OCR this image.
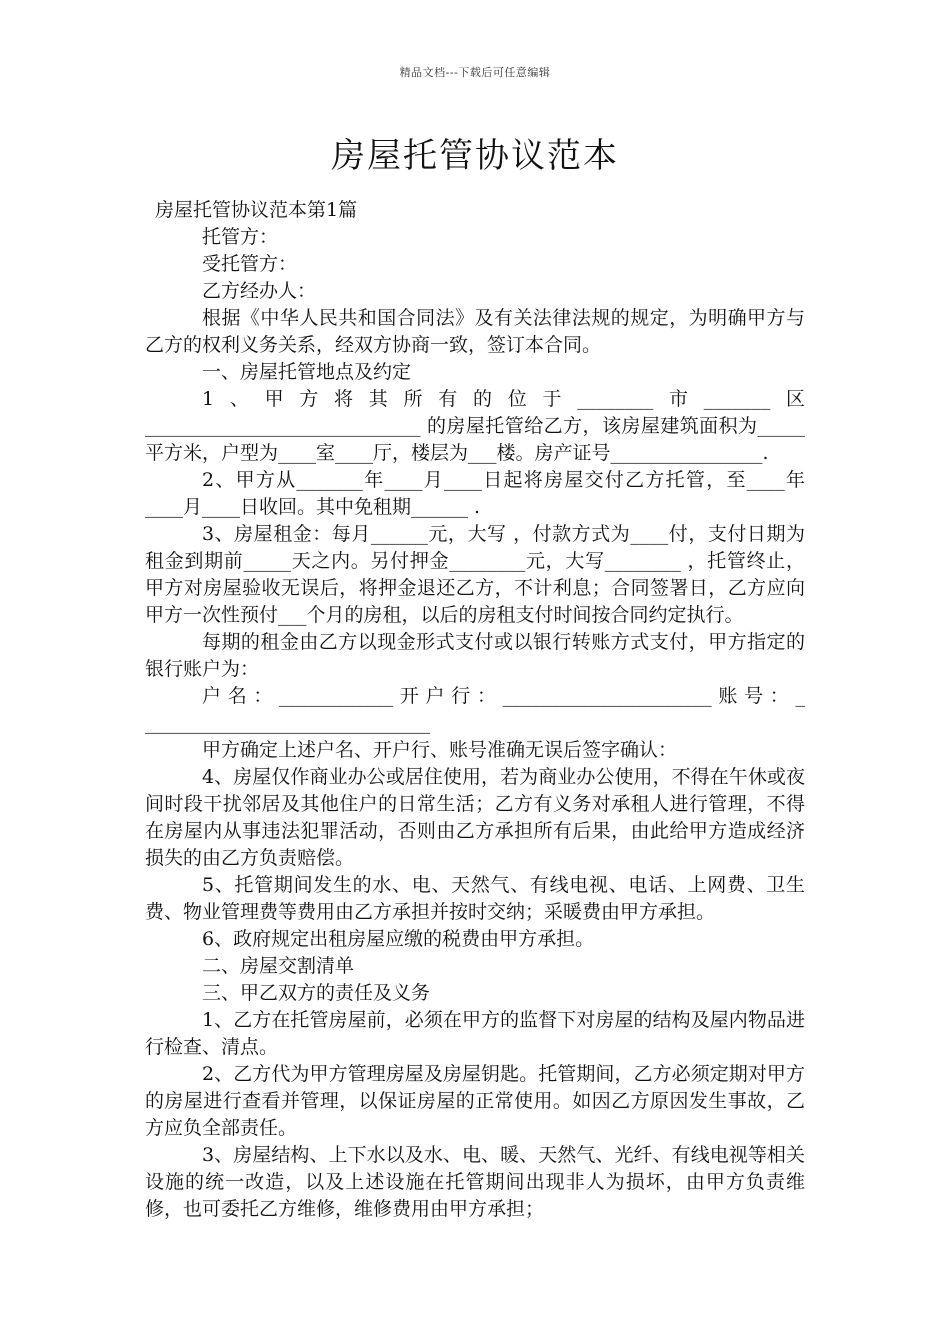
精品文档---下载后可任意编辑
房屋托管协议范本

房屋托管协议范本第1篇

托管方：

受托管方：

乙方经办人：

根据《中华人民共和国合同法》及有关法律法规的规定，为明确甲方与乙方的权利义务关系，经双方协商一致，签订本合同。

一、房屋托管地点及约定

1、甲方将其所有的位于________市_______区_____________________________ 的房屋托管给乙方，该房屋建筑面积为_____平方米，户型为____室____厅，楼层为___楼。房产证号________________.

2、甲方从_______年____月____日起将房屋交付乙方托管，至____年____月____日收回。其中免租期______ .

3、房屋租金：每月______元，大写 ，付款方式为____付，支付日期为租金到期前_____天之内。另付押金________元，大写________ ，托管终止，甲方对房屋验收无误后，将押金退还乙方，不计利息；合同签署日，乙方应向甲方一次性预付___个月的房租，以后的房租支付时间按合同约定执行。

每期的租金由乙方以现金形式支付或以银行转账方式支付，甲方指定的银行账户为：

户名：____________开户行：______________________账号：_ ______________________________

甲方确定上述户名、开户行、账号准确无误后签字确认：

4、房屋仅作商业办公或居住使用，若为商业办公使用，不得在午休或夜间时段干扰邻居及其他住户的日常生活；乙方有义务对承租人进行管理，不得在房屋内从事违法犯罪活动，否则由乙方承担所有后果，由此给甲方造成经济损失的由乙方负责赔偿。

5、托管期间发生的水、电、天然气、有线电视、电话、上网费、卫生费、物业管理费等费用由乙方承担并按时交纳；采暖费由甲方承担。

6、政府规定出租房屋应缴的税费由甲方承担。

二、房屋交割清单

三、甲乙双方的责任及义务

1、乙方在托管房屋前，必须在甲方的监督下对房屋的结构及屋内物品进行检查、清点。

2、乙方代为甲方管理房屋及房屋钥匙。托管期间，乙方必须定期对甲方的房屋进行查看并管理，以保证房屋的正常使用。如因乙方原因发生事故，乙方应负全部责任。

3、房屋结构、上下水以及水、电、暖、天然气、光纤、有线电视等相关设施的统一改造，以及上述设施在托管期间出现非人为损坏，由甲方负责维修，也可委托乙方维修，维修费用由甲方承担；
